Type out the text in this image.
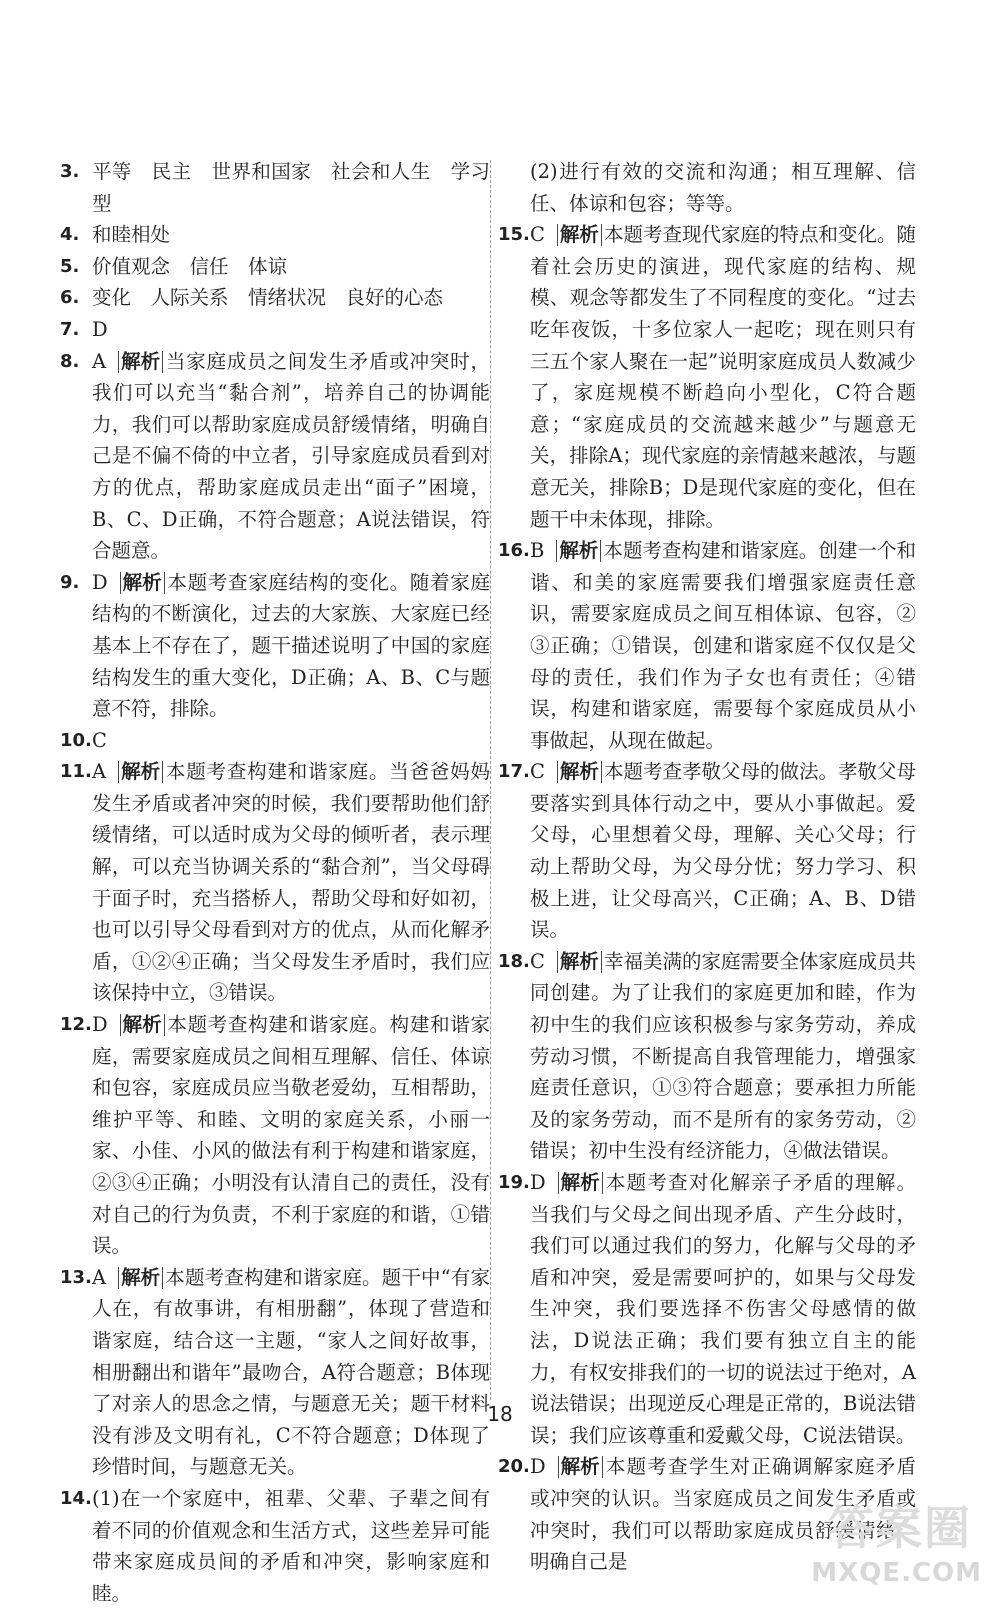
3. 平等　民主　世界和国家　社会和人生　学习型
4. 和睦相处
5. 价值观念　信任　体谅
6. 变化　人际关系　情绪状况　良好的心态
7. D
8. A 解析 当家庭成员之间发生矛盾或冲突时，我们可以充当“黏合剂”，培养自己的协调能力，我们可以帮助家庭成员舒缓情绪，明确自己是不偏不倚的中立者，引导家庭成员看到对方的优点，帮助家庭成员走出“面子”困境，B、C、D正确，不符合题意；A说法错误，符合题意。
9. D 解析 本题考查家庭结构的变化。随着家庭结构的不断演化，过去的大家族、大家庭已经基本上不存在了，题干描述说明了中国的家庭结构发生的重大变化，D正确；A、B、C与题意不符，排除。
10. C
11. A 解析 本题考查构建和谐家庭。当爸爸妈妈发生矛盾或者冲突的时候，我们要帮助他们舒缓情绪，可以适时成为父母的倾听者，表示理解，可以充当协调关系的“黏合剂”，当父母碍于面子时，充当搭桥人，帮助父母和好如初，也可以引导父母看到对方的优点，从而化解矛盾，①②④正确；当父母发生矛盾时，我们应该保持中立，③错误。
12. D 解析 本题考查构建和谐家庭。构建和谐家庭，需要家庭成员之间相互理解、信任、体谅和包容，家庭成员应当敬老爱幼，互相帮助，维护平等、和睦、文明的家庭关系，小丽一家、小佳、小风的做法有利于构建和谐家庭，②③④正确；小明没有认清自己的责任，没有对自己的行为负责，不利于家庭的和谐，①错误。
13. A 解析 本题考查构建和谐家庭。题干中“有家人在，有故事讲，有相册翻”，体现了营造和谐家庭，结合这一主题，“家人之间好故事，相册翻出和谐年”最吻合，A符合题意；B体现了对亲人的思念之情，与题意无关；题干材料没有涉及文明有礼，C不符合题意；D体现了珍惜时间，与题意无关。
14. (1)在一个家庭中，祖辈、父辈、子辈之间有着不同的价值观念和生活方式，这些差异可能带来家庭成员间的矛盾和冲突，影响家庭和睦。
(2)进行有效的交流和沟通；相互理解、信任、体谅和包容；等等。
15. C 解析 本题考查现代家庭的特点和变化。随着社会历史的演进，现代家庭的结构、规模、观念等都发生了不同程度的变化。“过去吃年夜饭，十多位家人一起吃；现在则只有三五个家人聚在一起”说明家庭成员人数减少了，家庭规模不断趋向小型化，C符合题意；“家庭成员的交流越来越少”与题意无关，排除A；现代家庭的亲情越来越浓，与题意无关，排除B；D是现代家庭的变化，但在题干中未体现，排除。
16. B 解析 本题考查构建和谐家庭。创建一个和谐、和美的家庭需要我们增强家庭责任意识，需要家庭成员之间互相体谅、包容，②③正确；①错误，创建和谐家庭不仅仅是父母的责任，我们作为子女也有责任；④错误，构建和谐家庭，需要每个家庭成员从小事做起，从现在做起。
17. C 解析 本题考查孝敬父母的做法。孝敬父母要落实到具体行动之中，要从小事做起。爱父母，心里想着父母，理解、关心父母；行动上帮助父母，为父母分忧；努力学习、积极上进，让父母高兴，C正确；A、B、D错误。
18. C 解析 幸福美满的家庭需要全体家庭成员共同创建。为了让我们的家庭更加和睦，作为初中生的我们应该积极参与家务劳动，养成劳动习惯，不断提高自我管理能力，增强家庭责任意识，①③符合题意；要承担力所能及的家务劳动，而不是所有的家务劳动，②错误；初中生没有经济能力，④做法错误。
19. D 解析 本题考查对化解亲子矛盾的理解。当我们与父母之间出现矛盾、产生分歧时，我们可以通过我们的努力，化解与父母的矛盾和冲突，爱是需要呵护的，如果与父母发生冲突，我们要选择不伤害父母感情的做法，D说法正确；我们要有独立自主的能力，有权安排我们的一切的说法过于绝对，A说法错误；出现逆反心理是正常的，B说法错误；我们应该尊重和爱戴父母，C说法错误。
20. D 解析 本题考查学生对正确调解家庭矛盾或冲突的认识。当家庭成员之间发生矛盾或冲突时，我们可以帮助家庭成员舒缓情绪，明确自己是
18
答案圈
MXQE.COM
